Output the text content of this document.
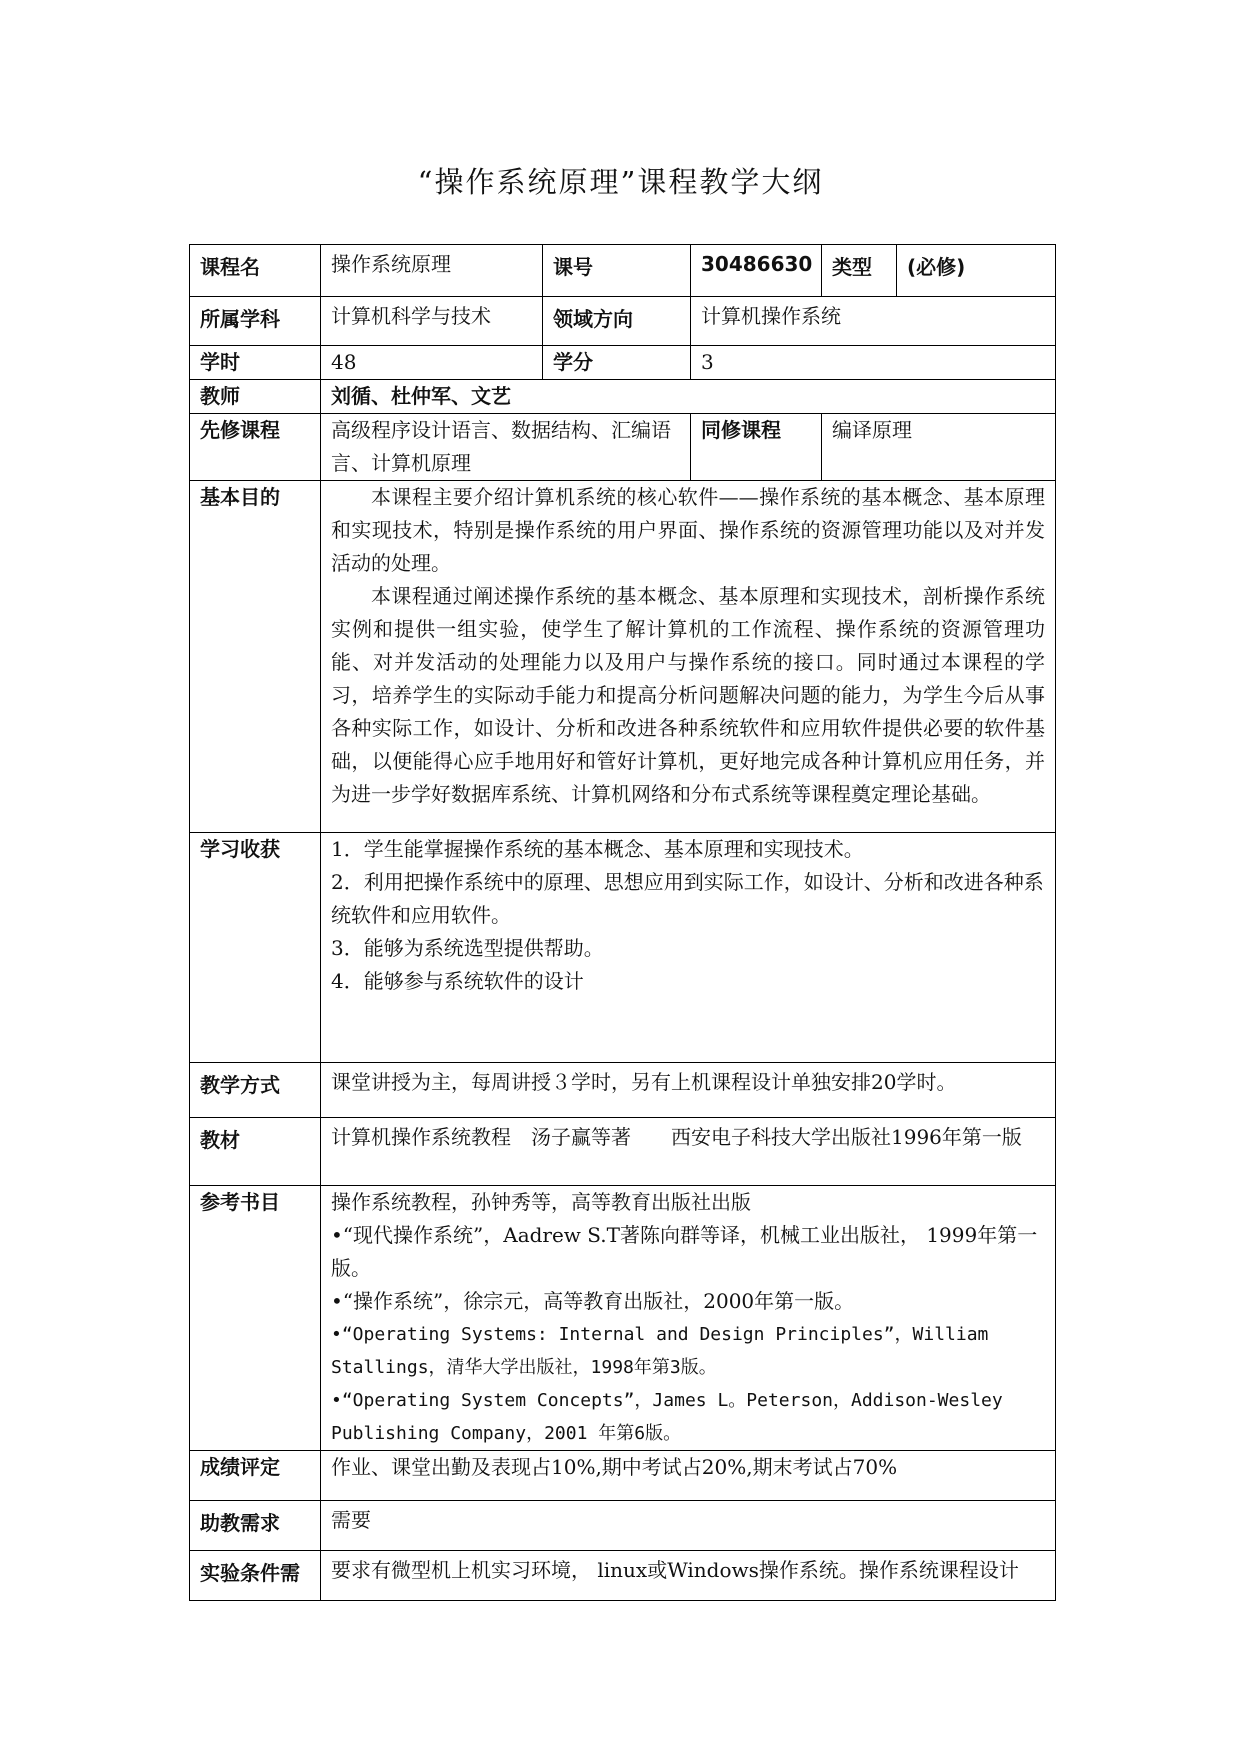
“操作系统原理”课程教学大纲
课程名	操作系统原理	课号	30486630	类型	(必修)
所属学科	计算机科学与技术	领域方向	计算机操作系统		
学时	48	学分	3		
教师	刘循、杜仲军、文艺				
先修课程	高级程序设计语言、数据结构、汇编语言、计算机原理		同修课程	编译原理	
基本目的	本课程主要介绍计算机系统的核心软件——操作系统的基本概念、基本原理和实现技术，特别是操作系统的用户界面、操作系统的资源管理功能以及对并发活动的处理。

本课程通过阐述操作系统的基本概念、基本原理和实现技术，剖析操作系统实例和提供一组实验，使学生了解计算机的工作流程、操作系统的资源管理功能、对并发活动的处理能力以及用户与操作系统的接口。同时通过本课程的学习，培养学生的实际动手能力和提高分析问题解决问题的能力，为学生今后从事各种实际工作，如设计、分析和改进各种系统软件和应用软件提供必要的软件基础，以便能得心应手地用好和管好计算机，更好地完成各种计算机应用任务，并为进一步学好数据库系统、计算机网络和分布式系统等课程奠定理论基础。				

学习收获	1．学生能掌握操作系统的基本概念、基本原理和实现技术。

2．利用把操作系统中的原理、思想应用到实际工作，如设计、分析和改进各种系统软件和应用软件。

3．能够为系统选型提供帮助。

4．能够参与系统软件的设计				

教学方式	课堂讲授为主，每周讲授３学时，另有上机课程设计单独安排20学时。				
教材	计算机操作系统教程　汤子赢等著　　西安电子科技大学出版社1996年第一版				
参考书目	操作系统教程，孙钟秀等，高等教育出版社出版

•“现代操作系统”，Aadrew S.T著陈向群等译，机械工业出版社， 1999年第一版。

•“操作系统”，徐宗元，高等教育出版社，2000年第一版。

•“Operating Systems: Internal and Design Principles”，William Stallings，清华大学出版社，1998年第3版。

•“Operating System Concepts”，James L。Peterson，Addison-Wesley Publishing Company，2001 年第6版。				

成绩评定	作业、课堂出勤及表现占10%,期中考试占20%,期末考试占70%				
助教需求	需要				
实验条件需	要求有微型机上机实习环境， linux或Windows操作系统。操作系统课程设计				
